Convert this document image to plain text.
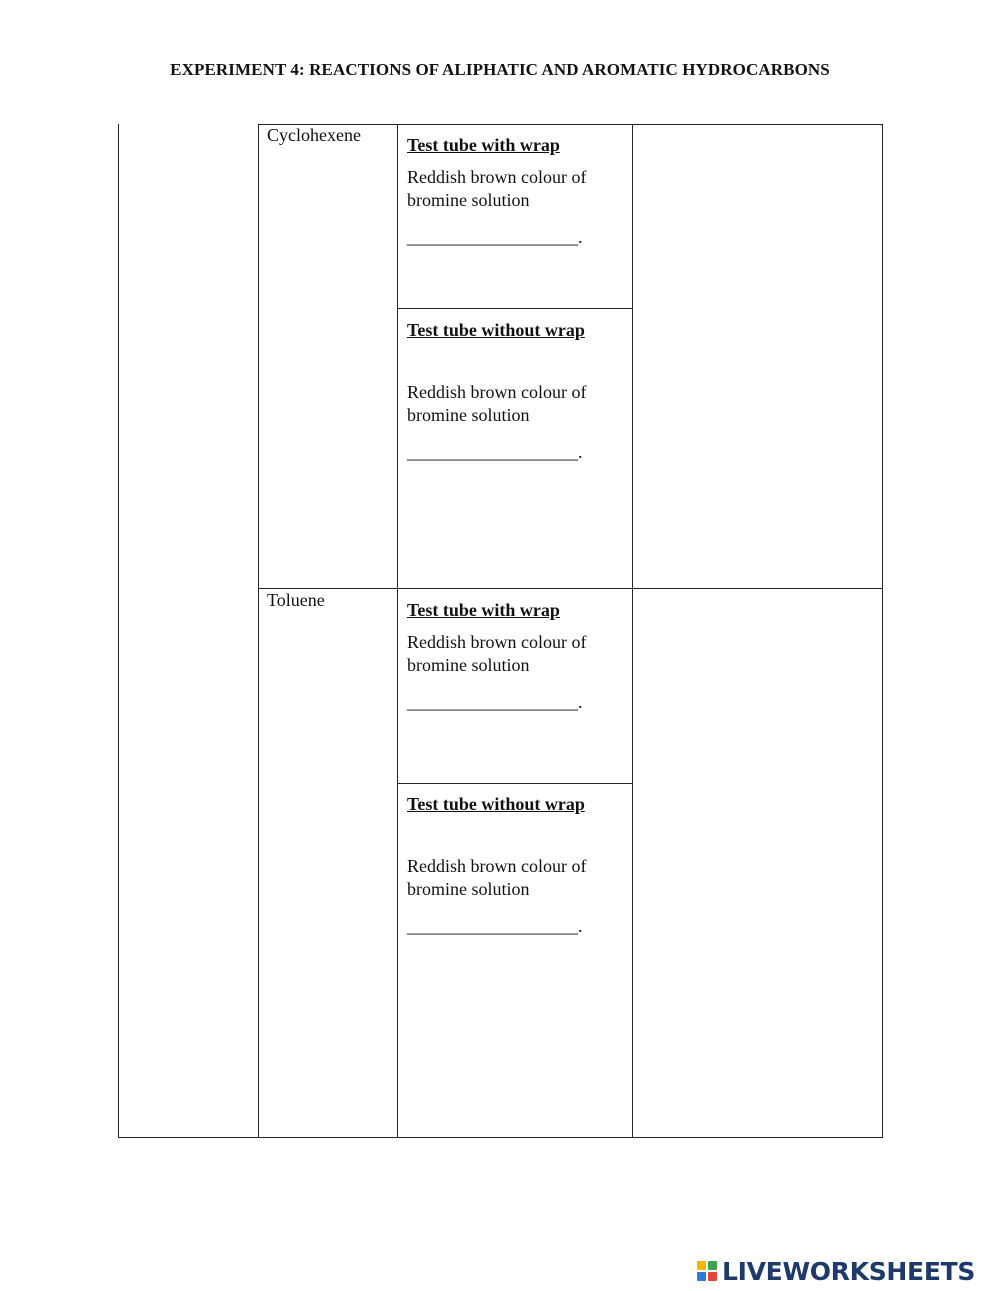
EXPERIMENT 4: REACTIONS OF ALIPHATIC AND AROMATIC HYDROCARBONS
Cyclohexene	Test tube with wrap
Reddish brown colour of bromine solution
___________________.
Test tube without wrap
Reddish brown colour of bromine solution
___________________.
Toluene	Test tube with wrap
Reddish brown colour of bromine solution
___________________.
Test tube without wrap
Reddish brown colour of bromine solution
___________________.
LIVEWORKSHEETS
